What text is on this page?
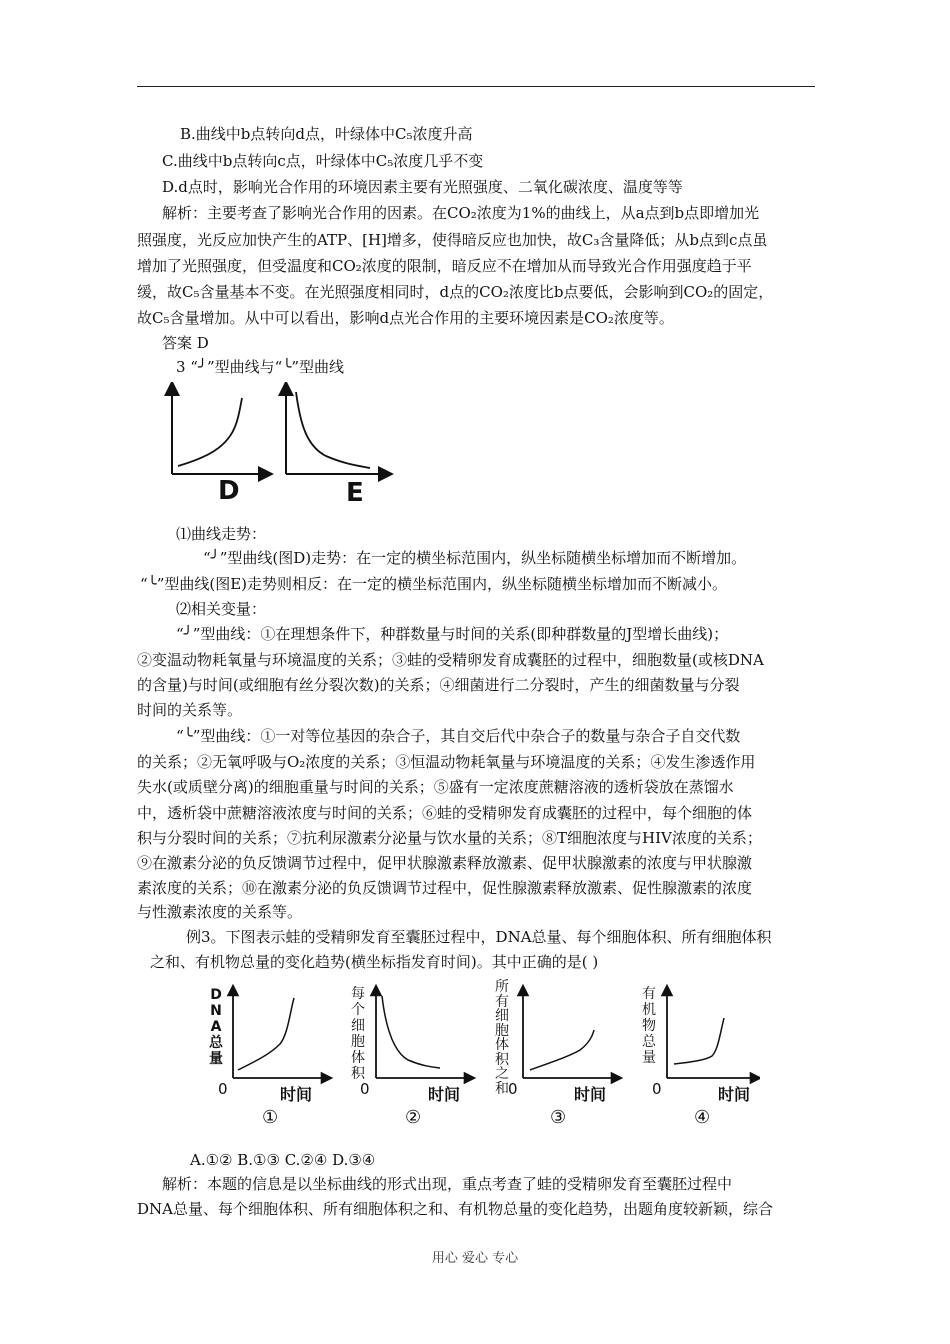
B.曲线中b点转向d点，叶绿体中C₅浓度升高
C.曲线中b点转向c点，叶绿体中C₅浓度几乎不变
D.d点时，影响光合作用的环境因素主要有光照强度、二氧化碳浓度、温度等等
解析：主要考查了影响光合作用的因素。在CO₂浓度为1%的曲线上，从a点到b点即增加光
照强度，光反应加快产生的ATP、[H]增多，使得暗反应也加快，故C₃含量降低；从b点到c点虽
增加了光照强度，但受温度和CO₂浓度的限制，暗反应不在增加从而导致光合作用强度趋于平
缓，故C₅含量基本不变。在光照强度相同时，d点的CO₂浓度比b点要低，会影响到CO₂的固定，
故C₅含量增加。从中可以看出，影响d点光合作用的主要环境因素是CO₂浓度等。
答案 D
3 “╯”型曲线与“╰”型曲线
D	E
⑴曲线走势：
“╯”型曲线(图D)走势：在一定的横坐标范围内，纵坐标随横坐标增加而不断增加。
“╰”型曲线(图E)走势则相反：在一定的横坐标范围内，纵坐标随横坐标增加而不断减小。
⑵相关变量：
“╯”型曲线：①在理想条件下，种群数量与时间的关系(即种群数量的J型增长曲线)；
②变温动物耗氧量与环境温度的关系；③蛙的受精卵发育成囊胚的过程中，细胞数量(或核DNA
的含量)与时间(或细胞有丝分裂次数)的关系；④细菌进行二分裂时，产生的细菌数量与分裂
时间的关系等。
“╰”型曲线：①一对等位基因的杂合子，其自交后代中杂合子的数量与杂合子自交代数
的关系；②无氧呼吸与O₂浓度的关系；③恒温动物耗氧量与环境温度的关系；④发生渗透作用
失水(或质壁分离)的细胞重量与时间的关系；⑤盛有一定浓度蔗糖溶液的透析袋放在蒸馏水
中，透析袋中蔗糖溶液浓度与时间的关系；⑥蛙的受精卵发育成囊胚的过程中，每个细胞的体
积与分裂时间的关系；⑦抗利尿激素分泌量与饮水量的关系；⑧T细胞浓度与HIV浓度的关系；
⑨在激素分泌的负反馈调节过程中，促甲状腺激素释放激素、促甲状腺激素的浓度与甲状腺激
素浓度的关系；⑩在激素分泌的负反馈调节过程中，促性腺激素释放激素、促性腺激素的浓度
与性激素浓度的关系等。
例3。下图表示蛙的受精卵发育至囊胚过程中，DNA总量、每个细胞体积、所有细胞体积
之和、有机物总量的变化趋势(横坐标指发育时间)。其中正确的是( )
DNA总量
0	时间
①
每个细胞体积
0	时间
②
所有细胞体积之和 0	时间
③
有机物总量
0	时间
④
A.①② B.①③ C.②④ D.③④
解析：本题的信息是以坐标曲线的形式出现，重点考查了蛙的受精卵发育至囊胚过程中
DNA总量、每个细胞体积、所有细胞体积之和、有机物总量的变化趋势，出题角度较新颖，综合
用心 爱心 专心
